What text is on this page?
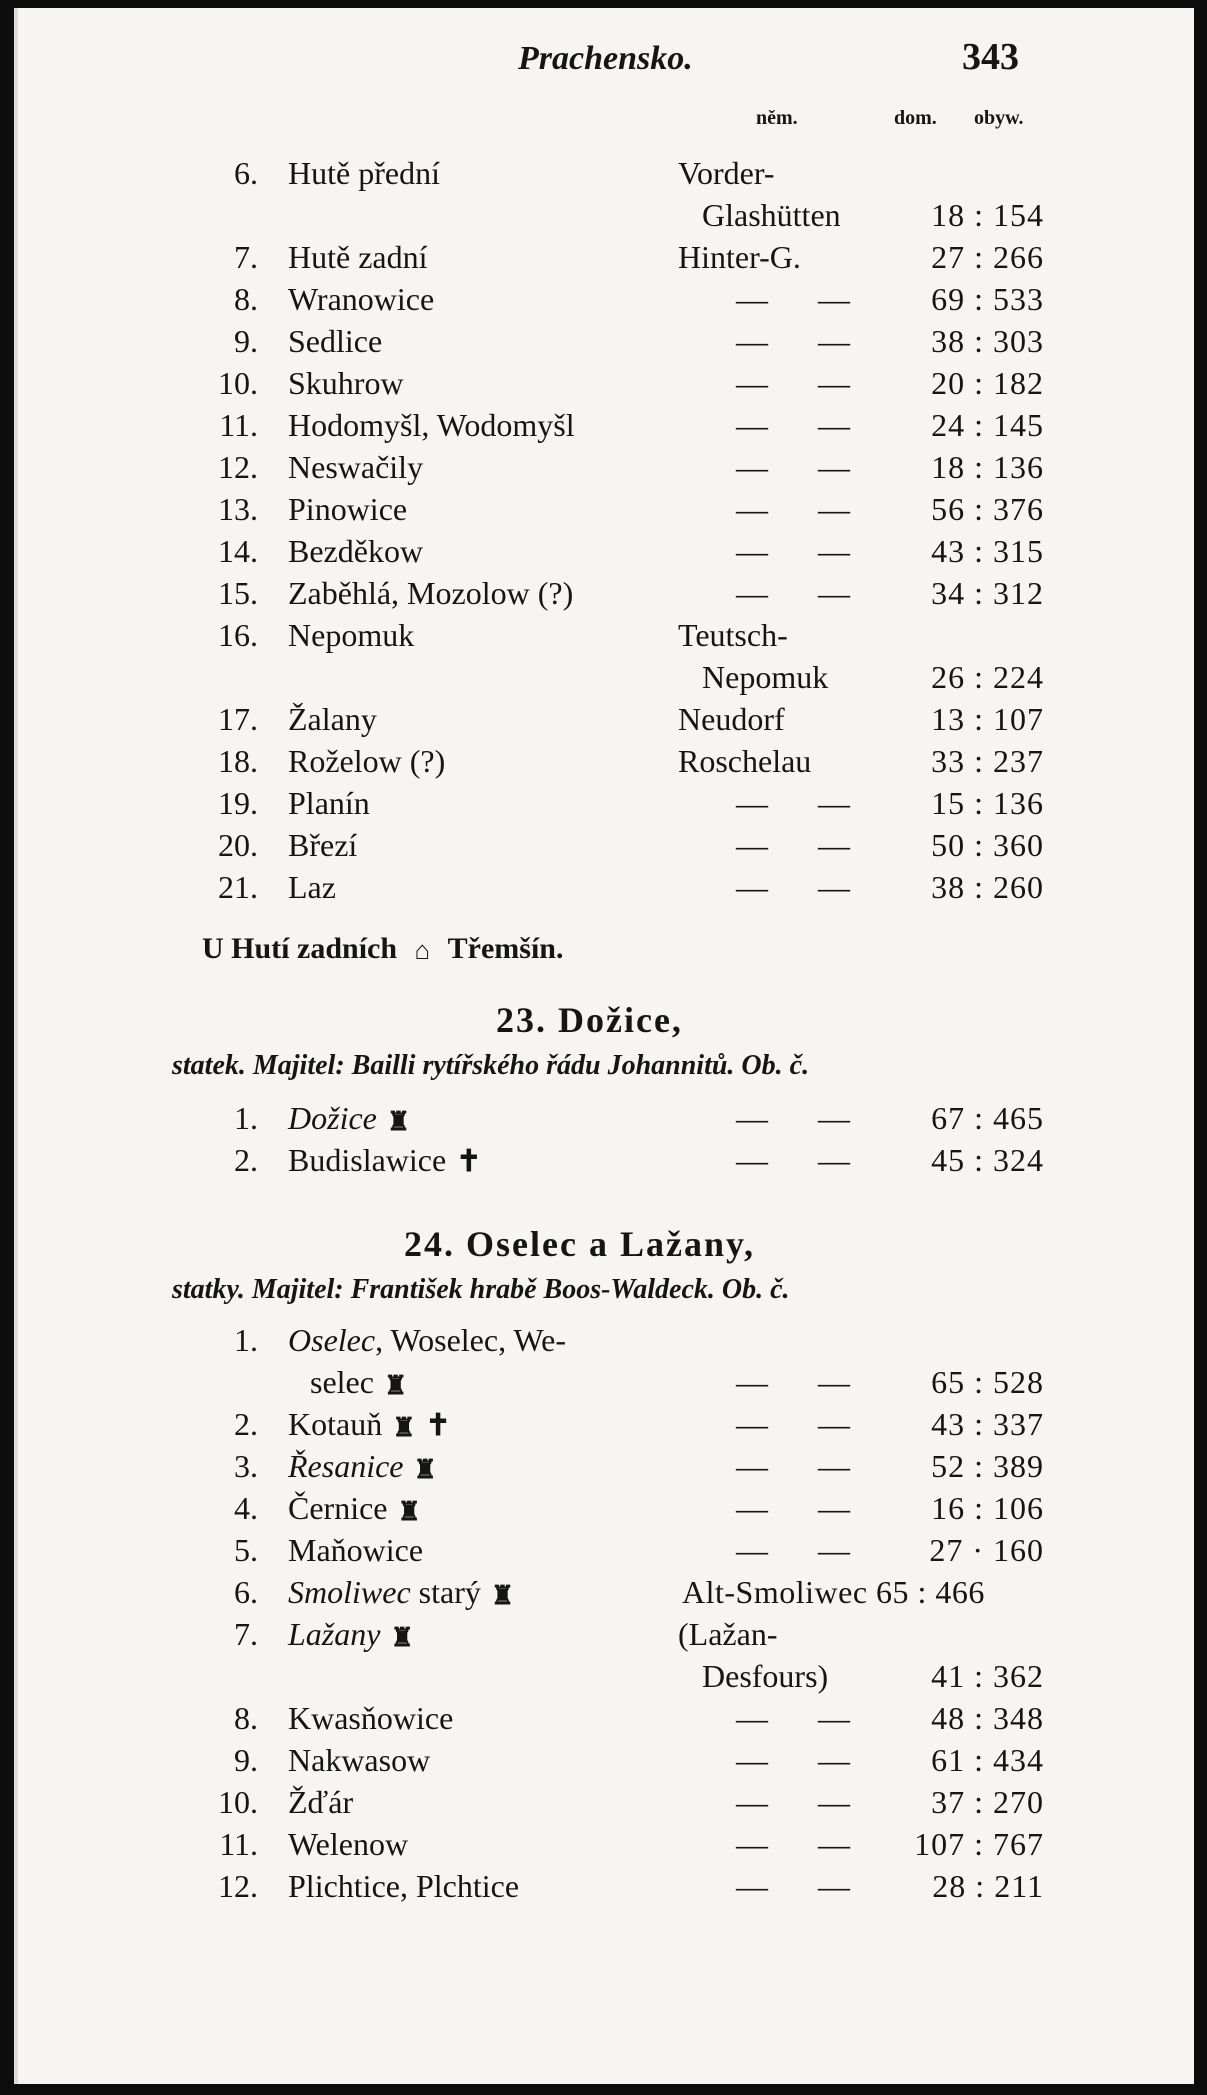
Prachensko.	343
něm.	dom. obyw.
6. Hutě přední	Vorder-
Glashütten	18 : 154
7. Hutě zadní	Hinter-G.	27 : 266
8. Wranowice	— —	69 : 533
9. Sedlice	— —	38 : 303
10. Skuhrow	— —	20 : 182
11. Hodomyšl, Wodomyšl	— —	24 : 145
12. Neswačily	— —	18 : 136
13. Pinowice	— —	56 : 376
14. Bezděkow	— —	43 : 315
15. Zaběhlá, Mozolow (?)	— —	34 : 312
16. Nepomuk	Teutsch-
Nepomuk	26 : 224
17. Žalany	Neudorf	13 : 107
18. Roželow (?)	Roschelau	33 : 237
19. Planín	— —	15 : 136
20. Březí	— —	50 : 360
21. Laz	— —	38 : 260
U Hutí zadních ⌂ Třemšín.
23. Dožice,
statek. Majitel: Bailli rytířského řádu Johannitů. Ob. č.
1. Dožice ♜	— —	67 : 465
2. Budislawice ✝	— —	45 : 324
24. Oselec a Lažany,
statky. Majitel: František hrabě Boos-Waldeck. Ob. č.
1. Oselec, Woselec, We-
selec ♜	— —	65 : 528
2. Kotauň ♜ ✝	— —	43 : 337
3. Řesanice ♜	— —	52 : 389
4. Černice ♜	— —	16 : 106
5. Maňowice	— —	27 · 160
6. Smoliwec starý ♜	Alt-Smoliwec 65 : 466
7. Lažany ♜	(Lažan-
Desfours)	41 : 362
8. Kwasňowice	— —	48 : 348
9. Nakwasow	— —	61 : 434
10. Žďár	— —	37 : 270
11. Welenow	— —	107 : 767
12. Plichtice, Plchtice	— —	28 : 211
